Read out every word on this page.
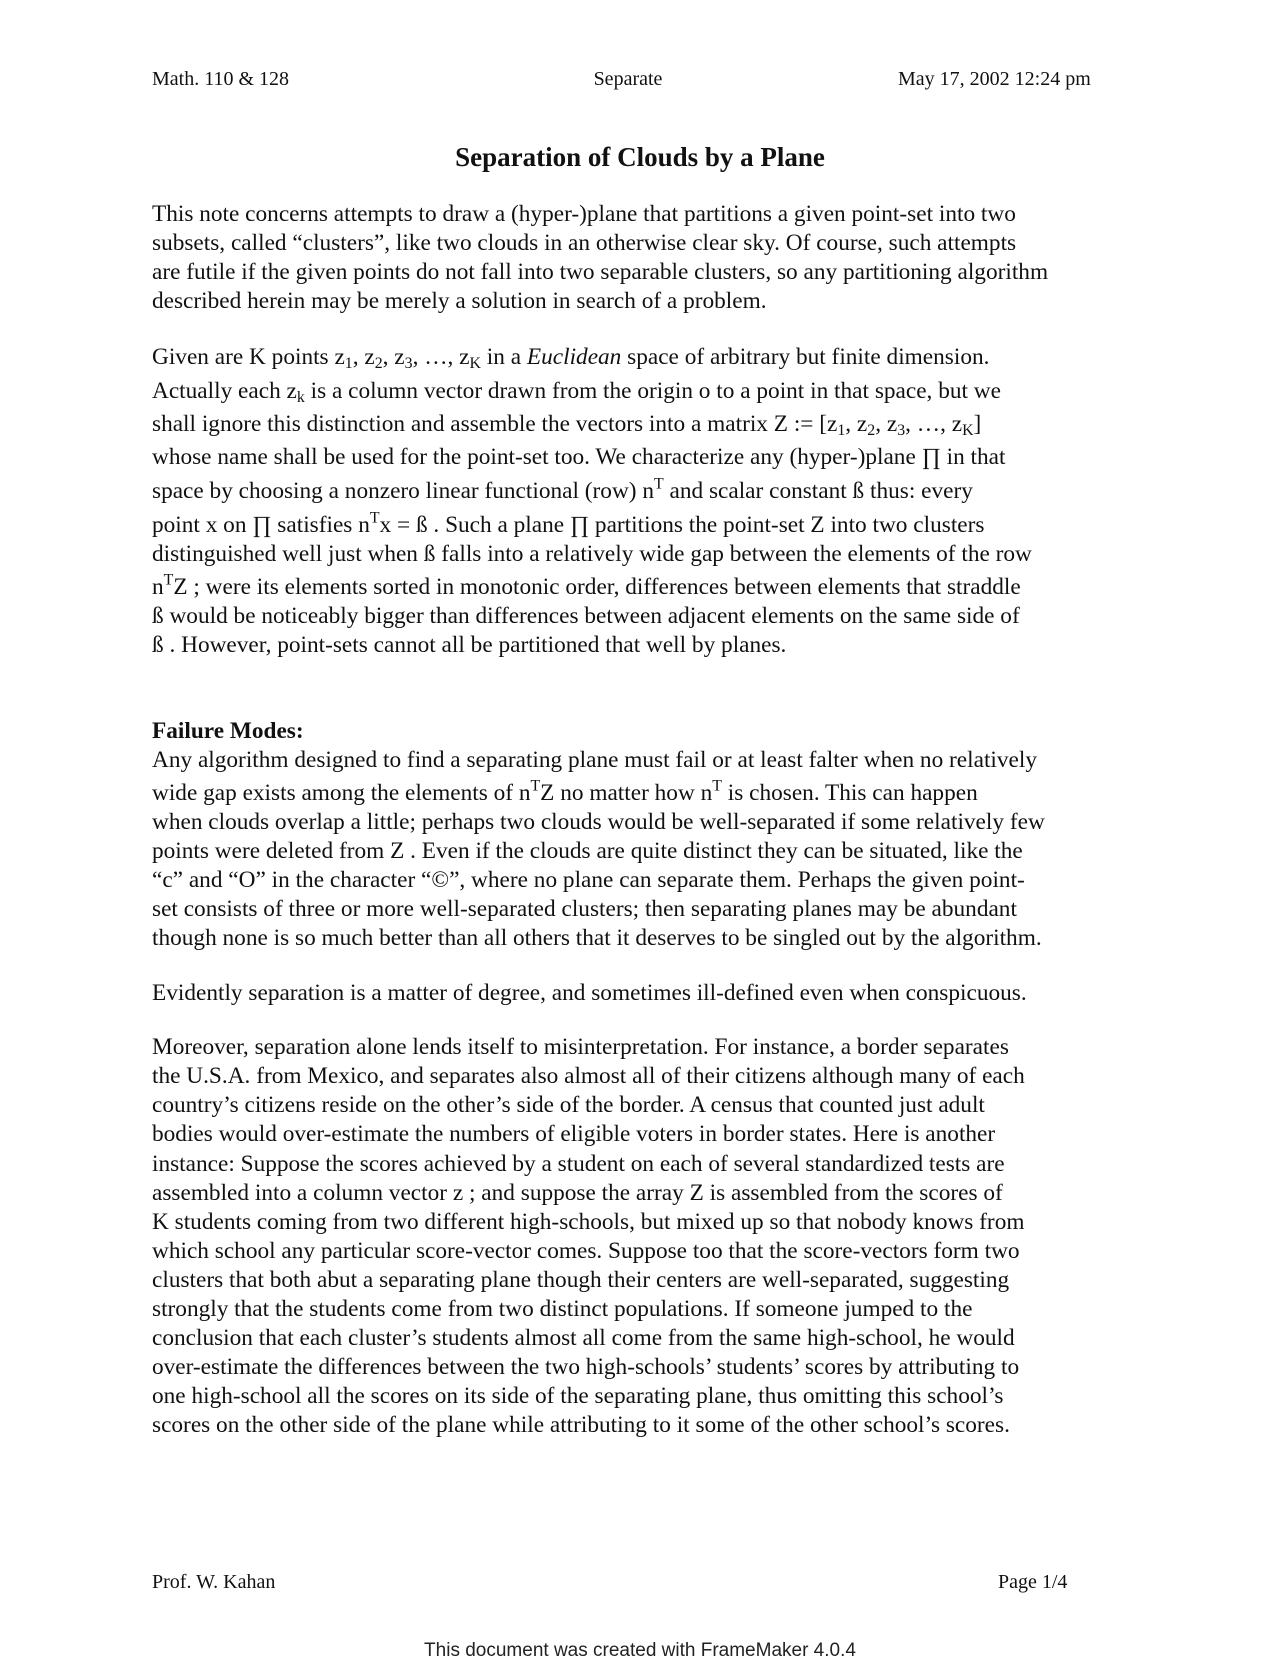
Math. 110 & 128	Separate	May 17, 2002 12:24 pm
Separation of Clouds by a Plane
This note concerns attempts to draw a (hyper-)plane that partitions a given point-set into two
subsets, called “clusters”, like two clouds in an otherwise clear sky. Of course, such attempts
are futile if the given points do not fall into two separable clusters, so any partitioning algorithm
described herein may be merely a solution in search of a problem.
Given are K points $z_1$, $z_2$, $z_3$, …, $z_K$ in a Euclidean space of arbitrary but finite dimension.
Actually each $z_k$ is a column vector drawn from the origin o to a point in that space, but we
shall ignore this distinction and assemble the vectors into a matrix Z := [$z_1$, $z_2$, $z_3$, …, $z_K$]
whose name shall be used for the point-set too. We characterize any (hyper-)plane ∏ in that
space by choosing a nonzero linear functional (row) $n^T$ and scalar constant ß thus: every
point x on ∏ satisfies $n^Tx$ = ß . Such a plane ∏ partitions the point-set Z into two clusters
distinguished well just when ß falls into a relatively wide gap between the elements of the row
$n^TZ$ ; were its elements sorted in monotonic order, differences between elements that straddle
ß would be noticeably bigger than differences between adjacent elements on the same side of
ß . However, point-sets cannot all be partitioned that well by planes.
Failure Modes:
Any algorithm designed to find a separating plane must fail or at least falter when no relatively
wide gap exists among the elements of $n^TZ$ no matter how $n^T$ is chosen. This can happen
when clouds overlap a little; perhaps two clouds would be well-separated if some relatively few
points were deleted from Z . Even if the clouds are quite distinct they can be situated, like the
“c” and “O” in the character “©”, where no plane can separate them. Perhaps the given point-
set consists of three or more well-separated clusters; then separating planes may be abundant
though none is so much better than all others that it deserves to be singled out by the algorithm.
Evidently separation is a matter of degree, and sometimes ill-defined even when conspicuous.
Moreover, separation alone lends itself to misinterpretation. For instance, a border separates
the U.S.A. from Mexico, and separates also almost all of their citizens although many of each
country’s citizens reside on the other’s side of the border. A census that counted just adult
bodies would over-estimate the numbers of eligible voters in border states. Here is another
instance: Suppose the scores achieved by a student on each of several standardized tests are
assembled into a column vector z ; and suppose the array Z is assembled from the scores of
K students coming from two different high-schools, but mixed up so that nobody knows from
which school any particular score-vector comes. Suppose too that the score-vectors form two
clusters that both abut a separating plane though their centers are well-separated, suggesting
strongly that the students come from two distinct populations. If someone jumped to the
conclusion that each cluster’s students almost all come from the same high-school, he would
over-estimate the differences between the two high-schools’ students’ scores by attributing to
one high-school all the scores on its side of the separating plane, thus omitting this school’s
scores on the other side of the plane while attributing to it some of the other school’s scores.
Prof. W. Kahan	Page 1/4
This document was created with FrameMaker 4.0.4
